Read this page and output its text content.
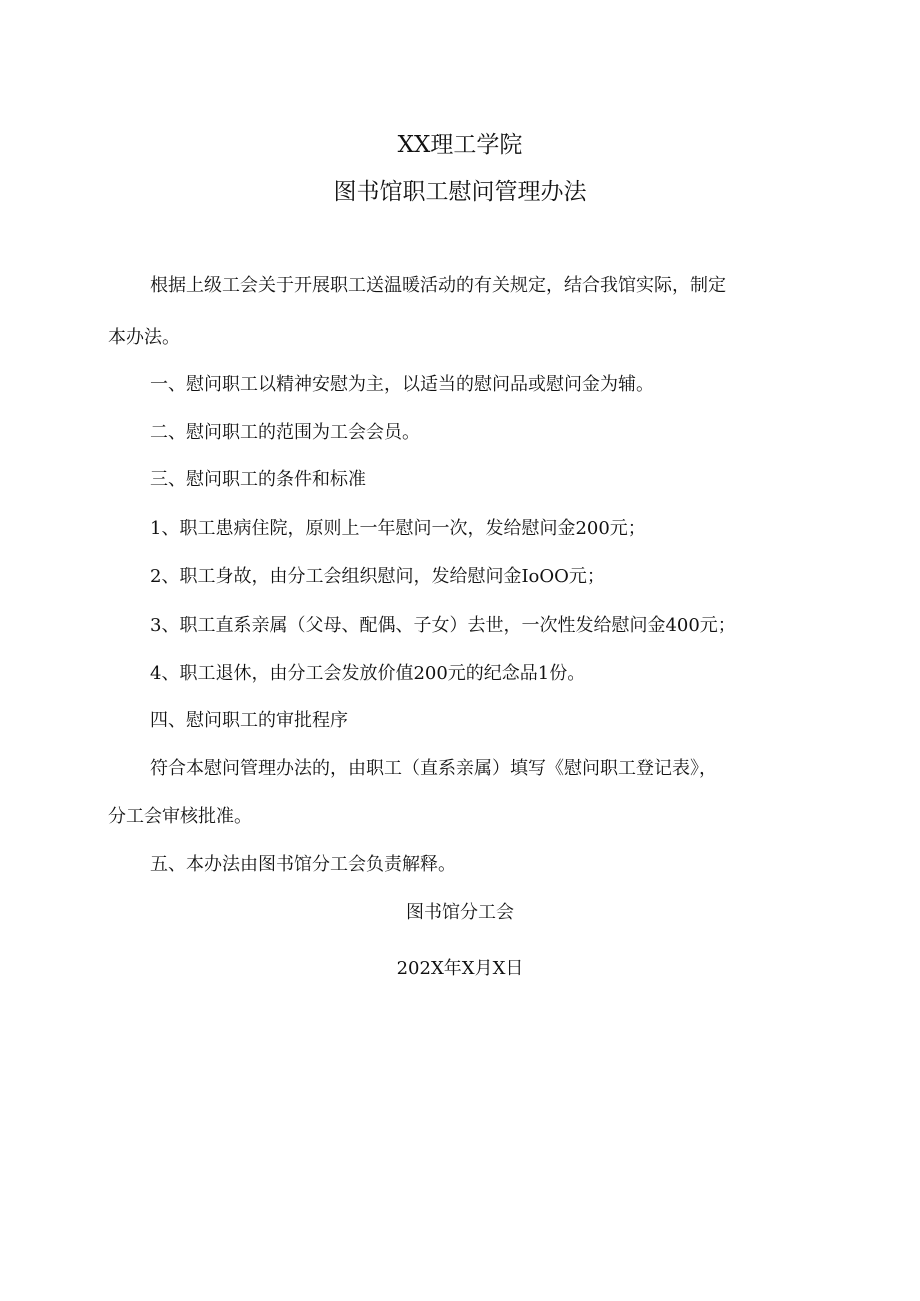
XX理工学院
图书馆职工慰问管理办法
根据上级工会关于开展职工送温暖活动的有关规定，结合我馆实际，制定
本办法。
一、慰问职工以精神安慰为主，以适当的慰问品或慰问金为辅。
二、慰问职工的范围为工会会员。
三、慰问职工的条件和标准
1、职工患病住院，原则上一年慰问一次，发给慰问金200元；
2、职工身故，由分工会组织慰问，发给慰问金IoOO元；
3、职工直系亲属（父母、配偶、子女）去世，一次性发给慰问金400元；
4、职工退休，由分工会发放价值200元的纪念品1份。
四、慰问职工的审批程序
符合本慰问管理办法的，由职工（直系亲属）填写《慰问职工登记表》，
分工会审核批准。
五、本办法由图书馆分工会负责解释。
图书馆分工会
202X年X月X日
